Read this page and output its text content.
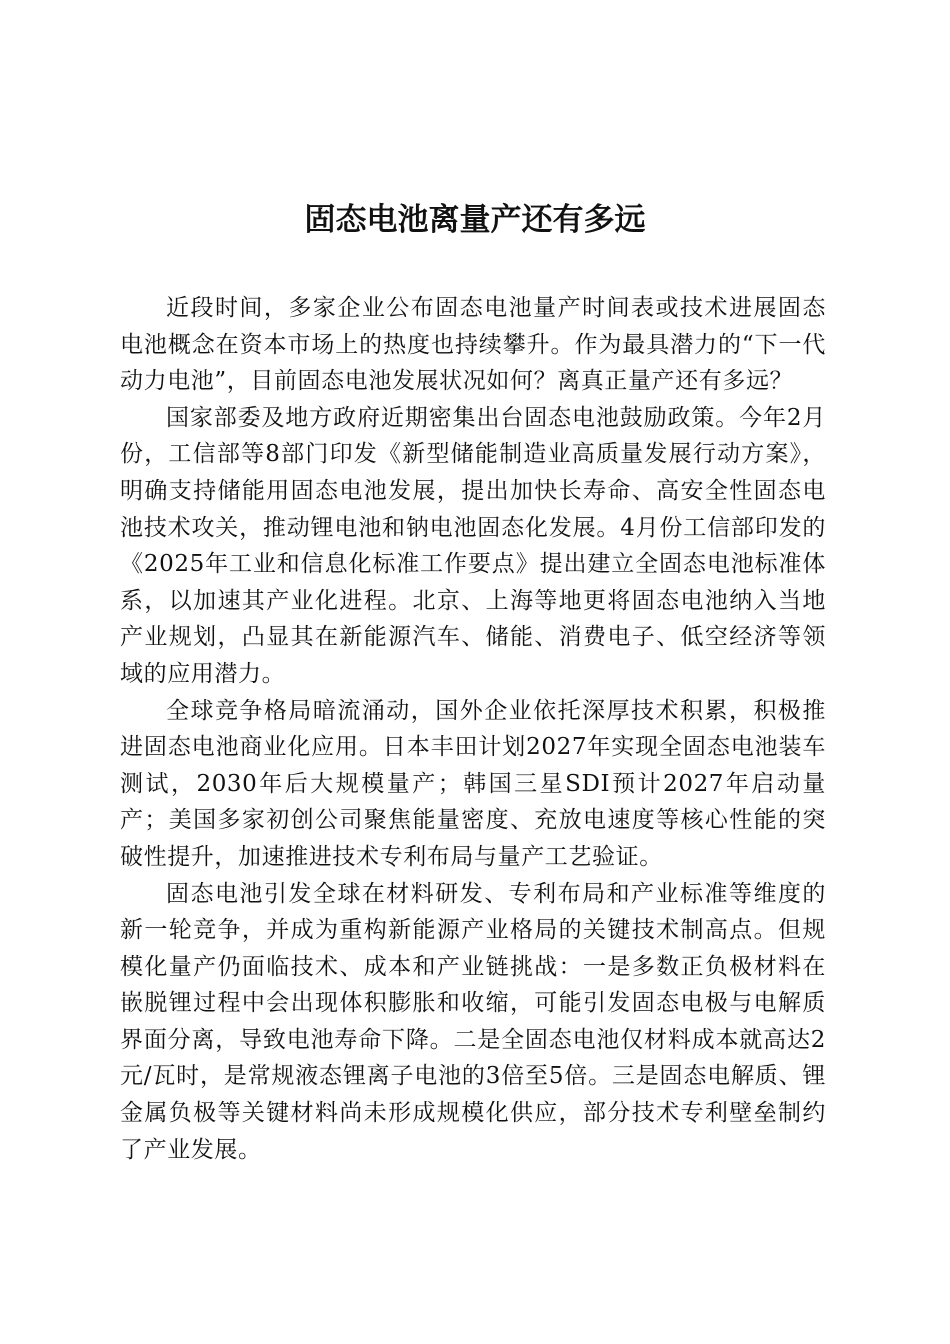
固态电池离量产还有多远

近段时间，多家企业公布固态电池量产时间表或技术进展固态电池概念在资本市场上的热度也持续攀升。作为最具潜力的“下一代动力电池”，目前固态电池发展状况如何？离真正量产还有多远？

国家部委及地方政府近期密集出台固态电池鼓励政策。今年2月份，工信部等8部门印发《新型储能制造业高质量发展行动方案》，明确支持储能用固态电池发展，提出加快长寿命、高安全性固态电池技术攻关，推动锂电池和钠电池固态化发展。4月份工信部印发的《2025年工业和信息化标准工作要点》提出建立全固态电池标准体系，以加速其产业化进程。北京、上海等地更将固态电池纳入当地产业规划，凸显其在新能源汽车、储能、消费电子、低空经济等领域的应用潜力。

全球竞争格局暗流涌动，国外企业依托深厚技术积累，积极推进固态电池商业化应用。日本丰田计划2027年实现全固态电池装车测试，2030年后大规模量产；韩国三星SDI预计2027年启动量产；美国多家初创公司聚焦能量密度、充放电速度等核心性能的突破性提升，加速推进技术专利布局与量产工艺验证。

固态电池引发全球在材料研发、专利布局和产业标准等维度的新一轮竞争，并成为重构新能源产业格局的关键技术制高点。但规模化量产仍面临技术、成本和产业链挑战：一是多数正负极材料在嵌脱锂过程中会出现体积膨胀和收缩，可能引发固态电极与电解质界面分离，导致电池寿命下降。二是全固态电池仅材料成本就高达2元/瓦时，是常规液态锂离子电池的3倍至5倍。三是固态电解质、锂金属负极等关键材料尚未形成规模化供应，部分技术专利壁垒制约了产业发展。
